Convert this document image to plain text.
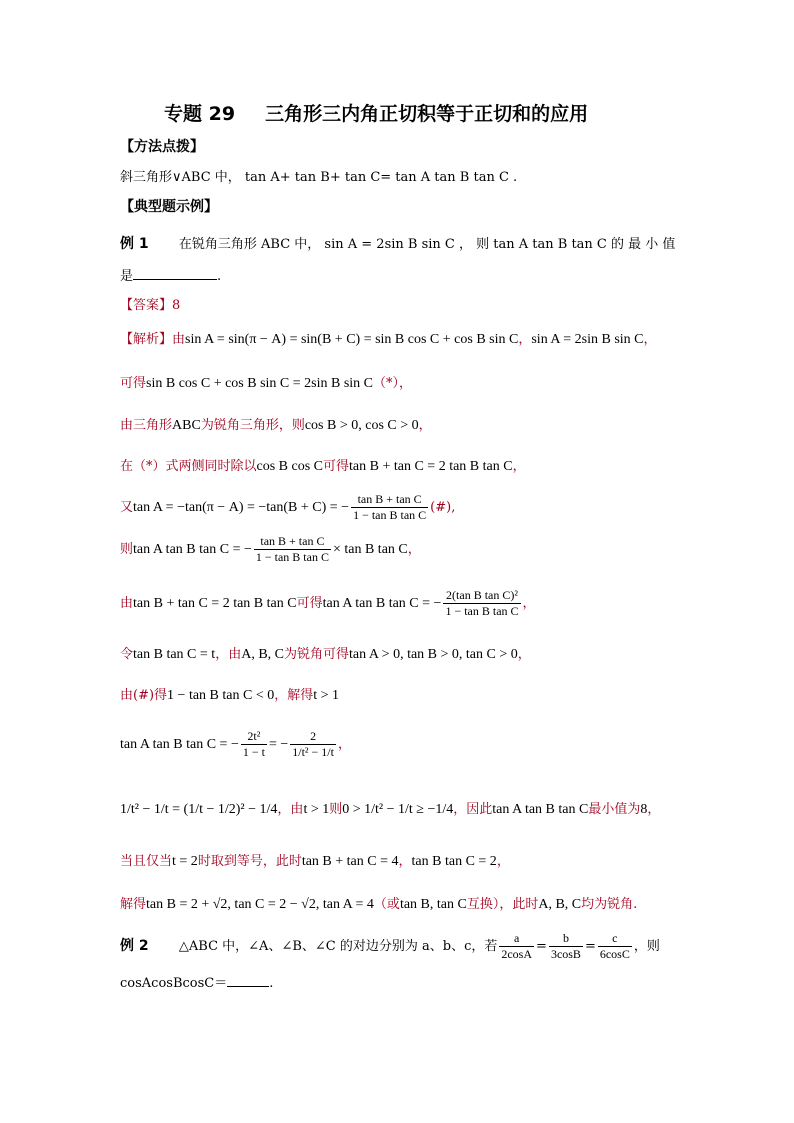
专题 29 三角形三内角正切积等于正切和的应用
【方法点拨】
斜三角形∨ABC 中， tan A+ tan B+ tan C= tan A tan B tan C .
【典型题示例】
例 1 在锐角三角形 ABC 中， sin A = 2sin B sin C ， 则 tan A tan B tan C 的 最 小 值
是	.
【答案】8
【解析】由sin A = sin(π − A) = sin(B + C) = sin B cos C + cos B sin C，sin A = 2sin B sin C，
可得sin B cos C + cos B sin C = 2sin B sin C（*），
由三角形ABC为锐角三角形，则cos B > 0, cos C > 0，
在（*）式两侧同时除以cos B cos C可得tan B + tan C = 2 tan B tan C，
又tan A = −tan(π − A) = −tan(B + C) = − $\frac{\text{tan B + tan C}}{\text{1 − tan B tan C}}$ (#),
则tan A tan B tan C = − $\frac{\text{tan B + tan C}}{\text{1 − tan B tan C}} \times \tan B$ tan C，
由tan B + tan C = 2 tan B tan C可得tan A tan B tan C = − $\frac{\text{2(tan B tan C)²}}{\text{1 − tan B tan C}}$ ，
令tan B tan C = t，由A, B, C为锐角可得tan A > 0, tan B > 0, tan C > 0，
由(#)得1 − tan B tan C < 0，解得t > 1
tan A tan B tan C = − $\frac{\text{2t²}}{1 - t}$ = − $\frac{2}{\text{1/t² − 1/t}}$ ，
1/t² − 1/t = (1/t − 1/2)² − 1/4，由t > 1则0 > 1/t² − 1/t ≥ −1/4，因此tan A tan B tan C最小值为8，
当且仅当t = 2时取到等号，此时tan B + tan C = 4，tan B tan C = 2，
解得tan B = 2 + √2, tan C = 2 − √2, tan A = 4（或tan B, tan C互换），此时A, B, C均为锐角.
例 2 △ABC 中，∠A、∠B、∠C 的对边分别为 a、b、c，若 $\frac{a}{2\cos A} = \frac{b}{3\cos B} = \frac{c}{6\cos C}$ ，则
cosAcosBcosC＝	.
